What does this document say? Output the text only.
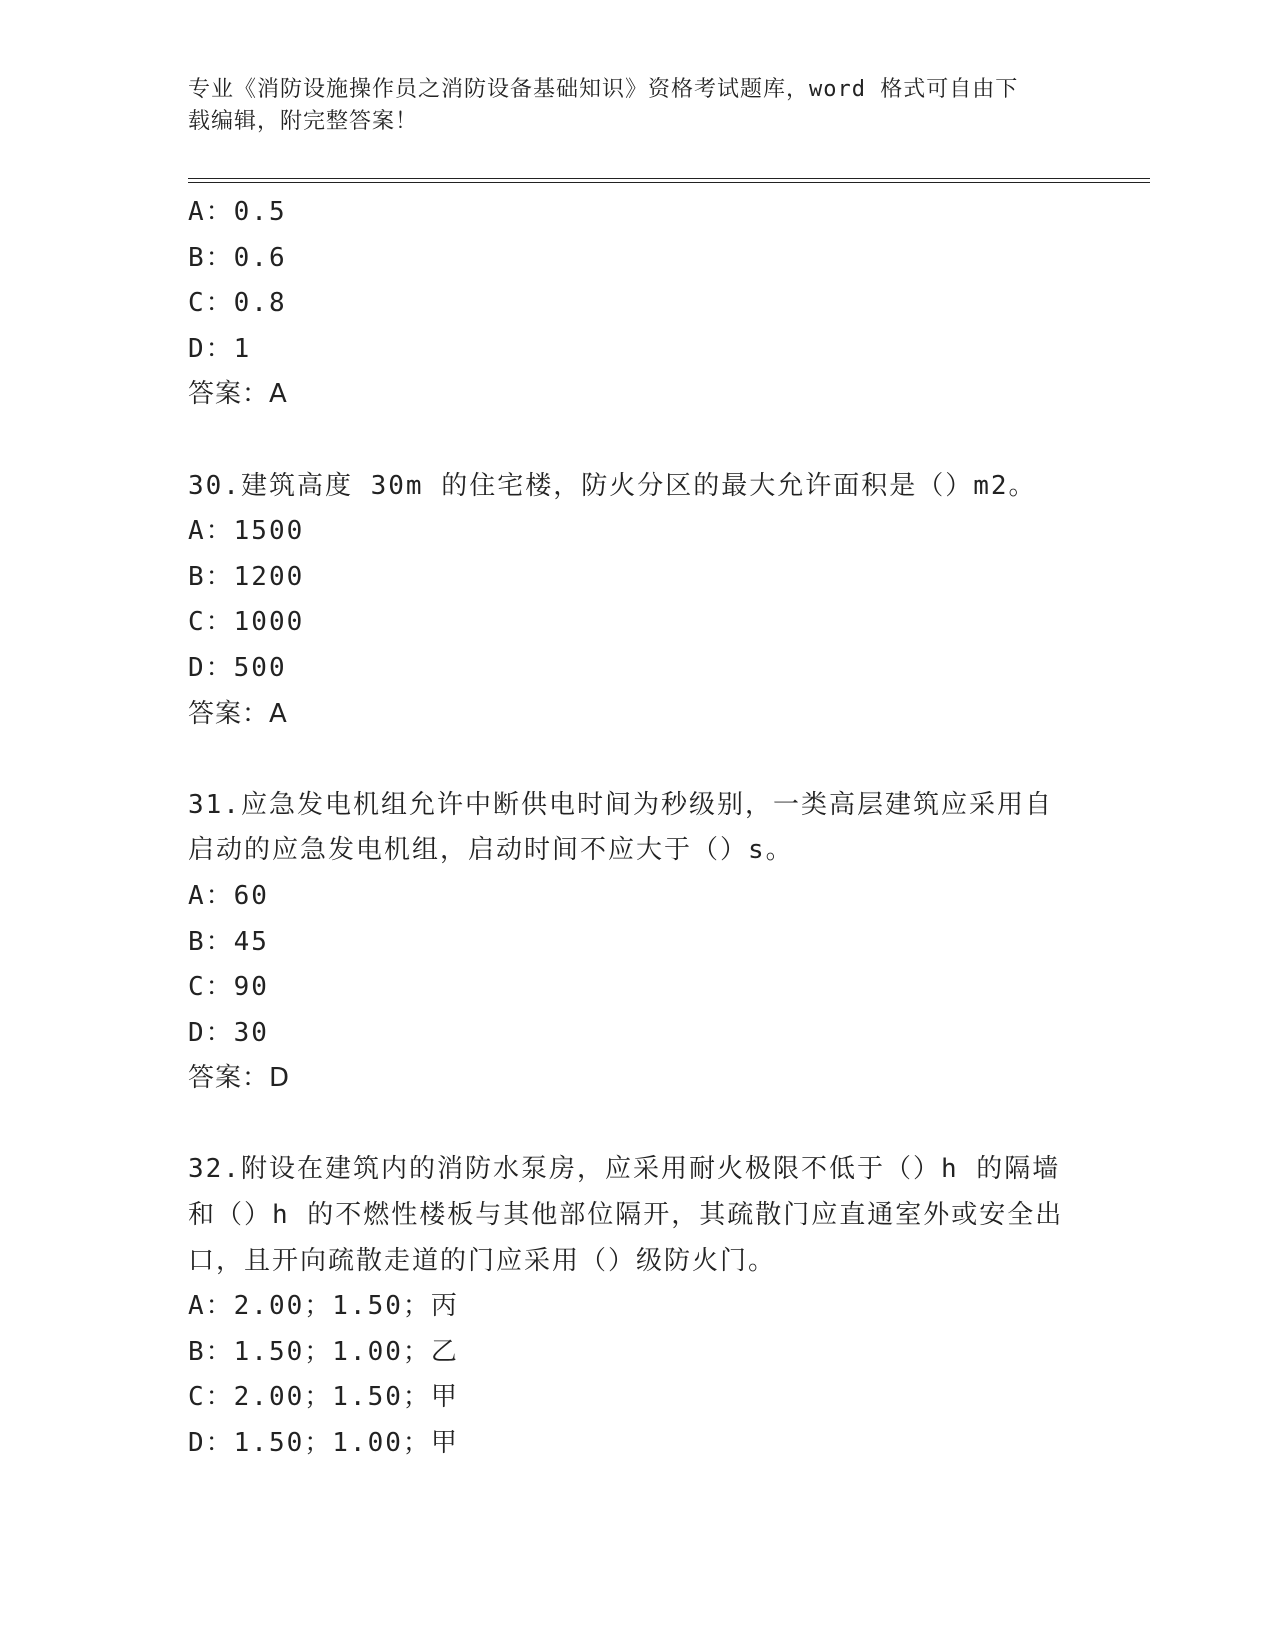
专业《消防设施操作员之消防设备基础知识》资格考试题库，word 格式可自由下
载编辑，附完整答案！
A：0.5
B：0.6
C：0.8
D：1
答案：A
30.建筑高度 30m 的住宅楼，防火分区的最大允许面积是（）m2。
A：1500
B：1200
C：1000
D：500
答案：A
31.应急发电机组允许中断供电时间为秒级别，一类高层建筑应采用自
启动的应急发电机组，启动时间不应大于（）s。
A：60
B：45
C：90
D：30
答案：D
32.附设在建筑内的消防水泵房，应采用耐火极限不低于（）h 的隔墙
和（）h 的不燃性楼板与其他部位隔开，其疏散门应直通室外或安全出
口，且开向疏散走道的门应采用（）级防火门。
A：2.00；1.50；丙
B：1.50；1.00；乙
C：2.00；1.50；甲
D：1.50；1.00；甲
